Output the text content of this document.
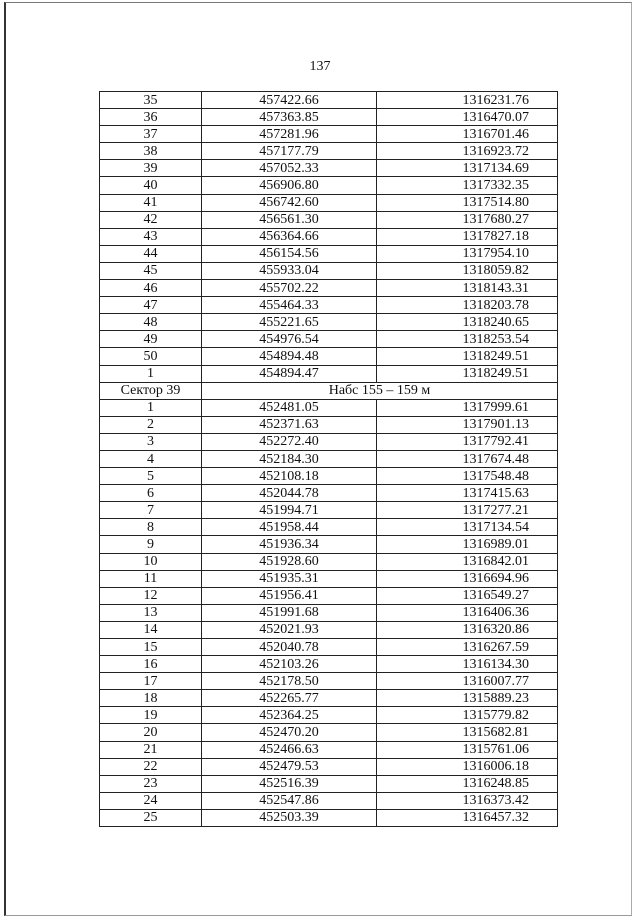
137
35	457422.66	1316231.76
36	457363.85	1316470.07
37	457281.96	1316701.46
38	457177.79	1316923.72
39	457052.33	1317134.69
40	456906.80	1317332.35
41	456742.60	1317514.80
42	456561.30	1317680.27
43	456364.66	1317827.18
44	456154.56	1317954.10
45	455933.04	1318059.82
46	455702.22	1318143.31
47	455464.33	1318203.78
48	455221.65	1318240.65
49	454976.54	1318253.54
50	454894.48	1318249.51
1	454894.47	1318249.51
Сектор 39	Набс 155 – 159 м	
1	452481.05	1317999.61
2	452371.63	1317901.13
3	452272.40	1317792.41
4	452184.30	1317674.48
5	452108.18	1317548.48
6	452044.78	1317415.63
7	451994.71	1317277.21
8	451958.44	1317134.54
9	451936.34	1316989.01
10	451928.60	1316842.01
11	451935.31	1316694.96
12	451956.41	1316549.27
13	451991.68	1316406.36
14	452021.93	1316320.86
15	452040.78	1316267.59
16	452103.26	1316134.30
17	452178.50	1316007.77
18	452265.77	1315889.23
19	452364.25	1315779.82
20	452470.20	1315682.81
21	452466.63	1315761.06
22	452479.53	1316006.18
23	452516.39	1316248.85
24	452547.86	1316373.42
25	452503.39	1316457.32
